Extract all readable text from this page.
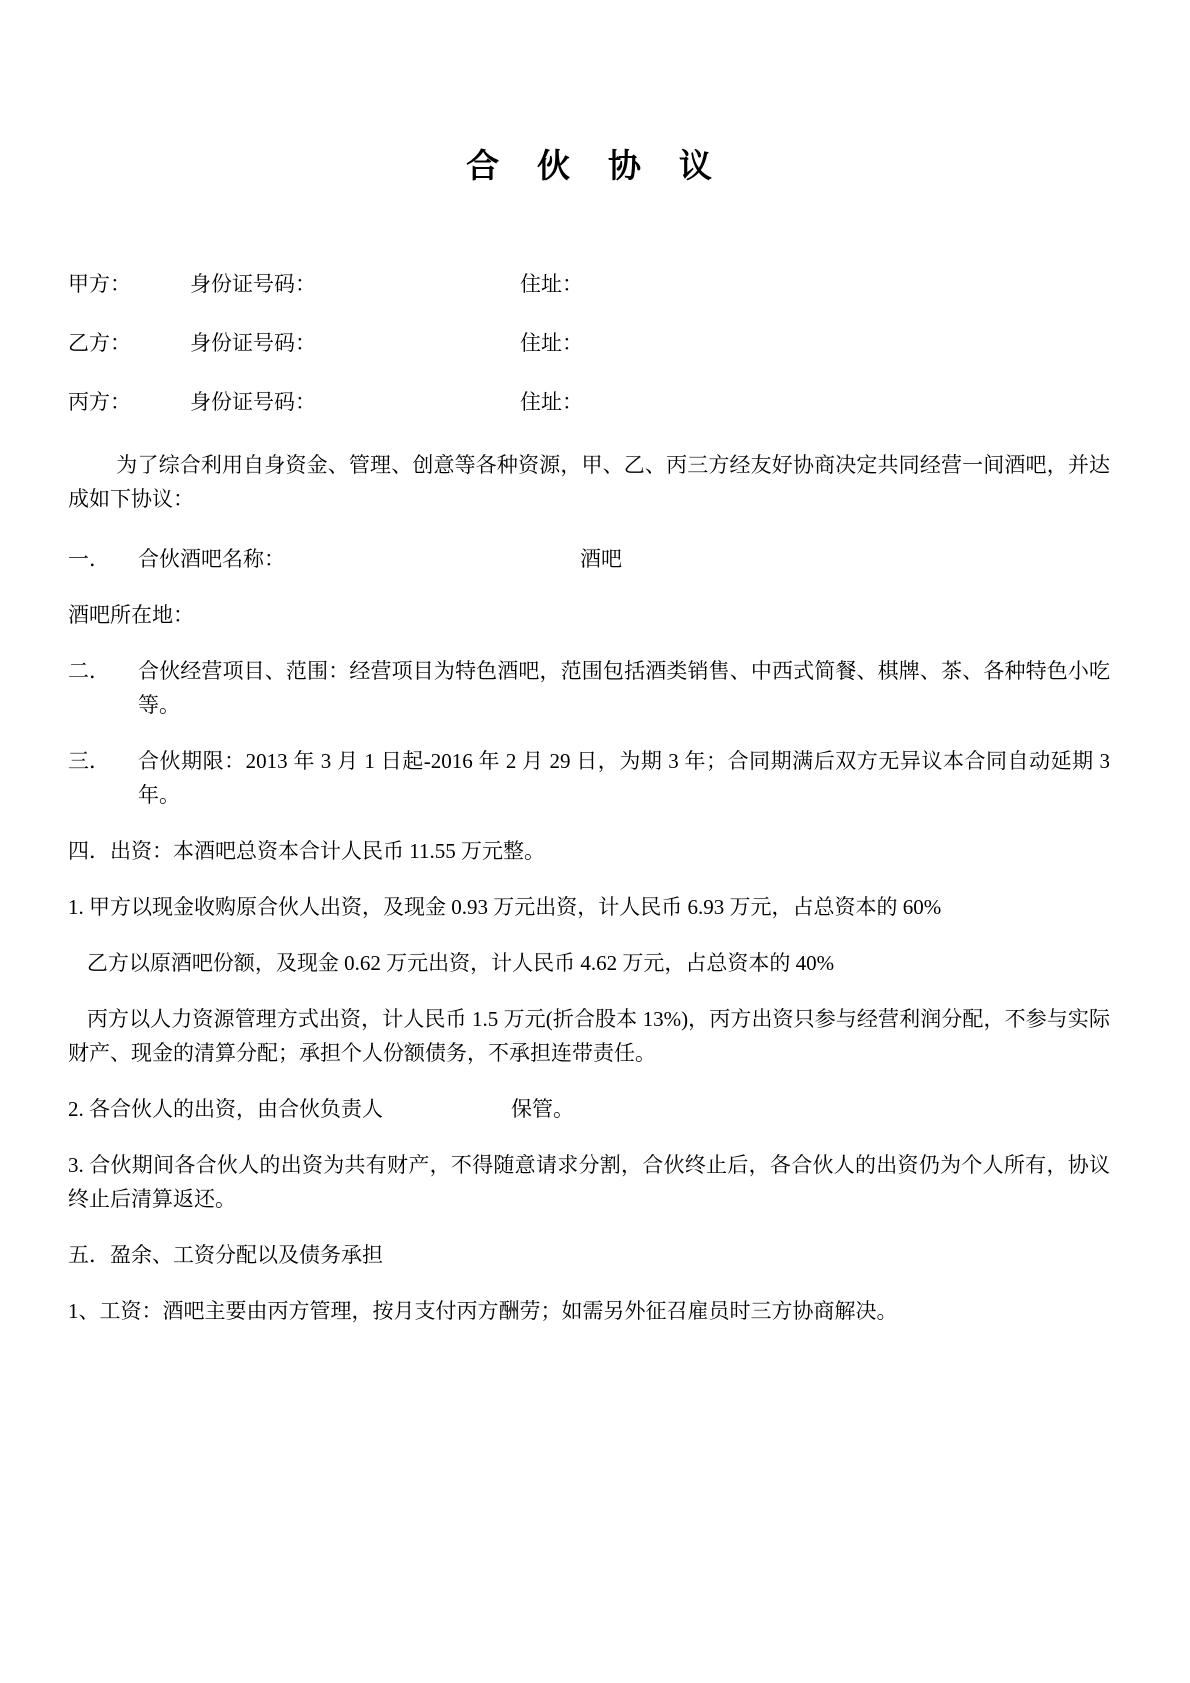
合 伙 协 议
甲方：	身份证号码：	住址：
乙方：	身份证号码：	住址：
丙方：	身份证号码：	住址：

为了综合利用自身资金、管理、创意等各种资源，甲、乙、丙三方经友好协商决定共同经营一间酒吧，并达成如下协议：

一．	合伙酒吧名称：	酒吧

酒吧所在地：

二．	合伙经营项目、范围：经营项目为特色酒吧，范围包括酒类销售、中西式简餐、棋牌、茶、各种特色小吃等。
三．	合伙期限：2013 年 3 月 1 日起-2016 年 2 月 29 日，为期 3 年；合同期满后双方无异议本合同自动延期 3 年。

四．出资：本酒吧总资本合计人民币 11.55 万元整。

1. 甲方以现金收购原合伙人出资，及现金 0.93 万元出资，计人民币 6.93 万元，占总资本的 60%

乙方以原酒吧份额，及现金 0.62 万元出资，计人民币 4.62 万元，占总资本的 40%

丙方以人力资源管理方式出资，计人民币 1.5 万元(折合股本 13%)，丙方出资只参与经营利润分配，不参与实际财产、现金的清算分配；承担个人份额债务，不承担连带责任。

2. 各合伙人的出资，由合伙负责人	保管。

3. 合伙期间各合伙人的出资为共有财产，不得随意请求分割，合伙终止后，各合伙人的出资仍为个人所有，协议终止后清算返还。

五．盈余、工资分配以及债务承担

1、工资：酒吧主要由丙方管理，按月支付丙方酬劳；如需另外征召雇员时三方协商解决。
